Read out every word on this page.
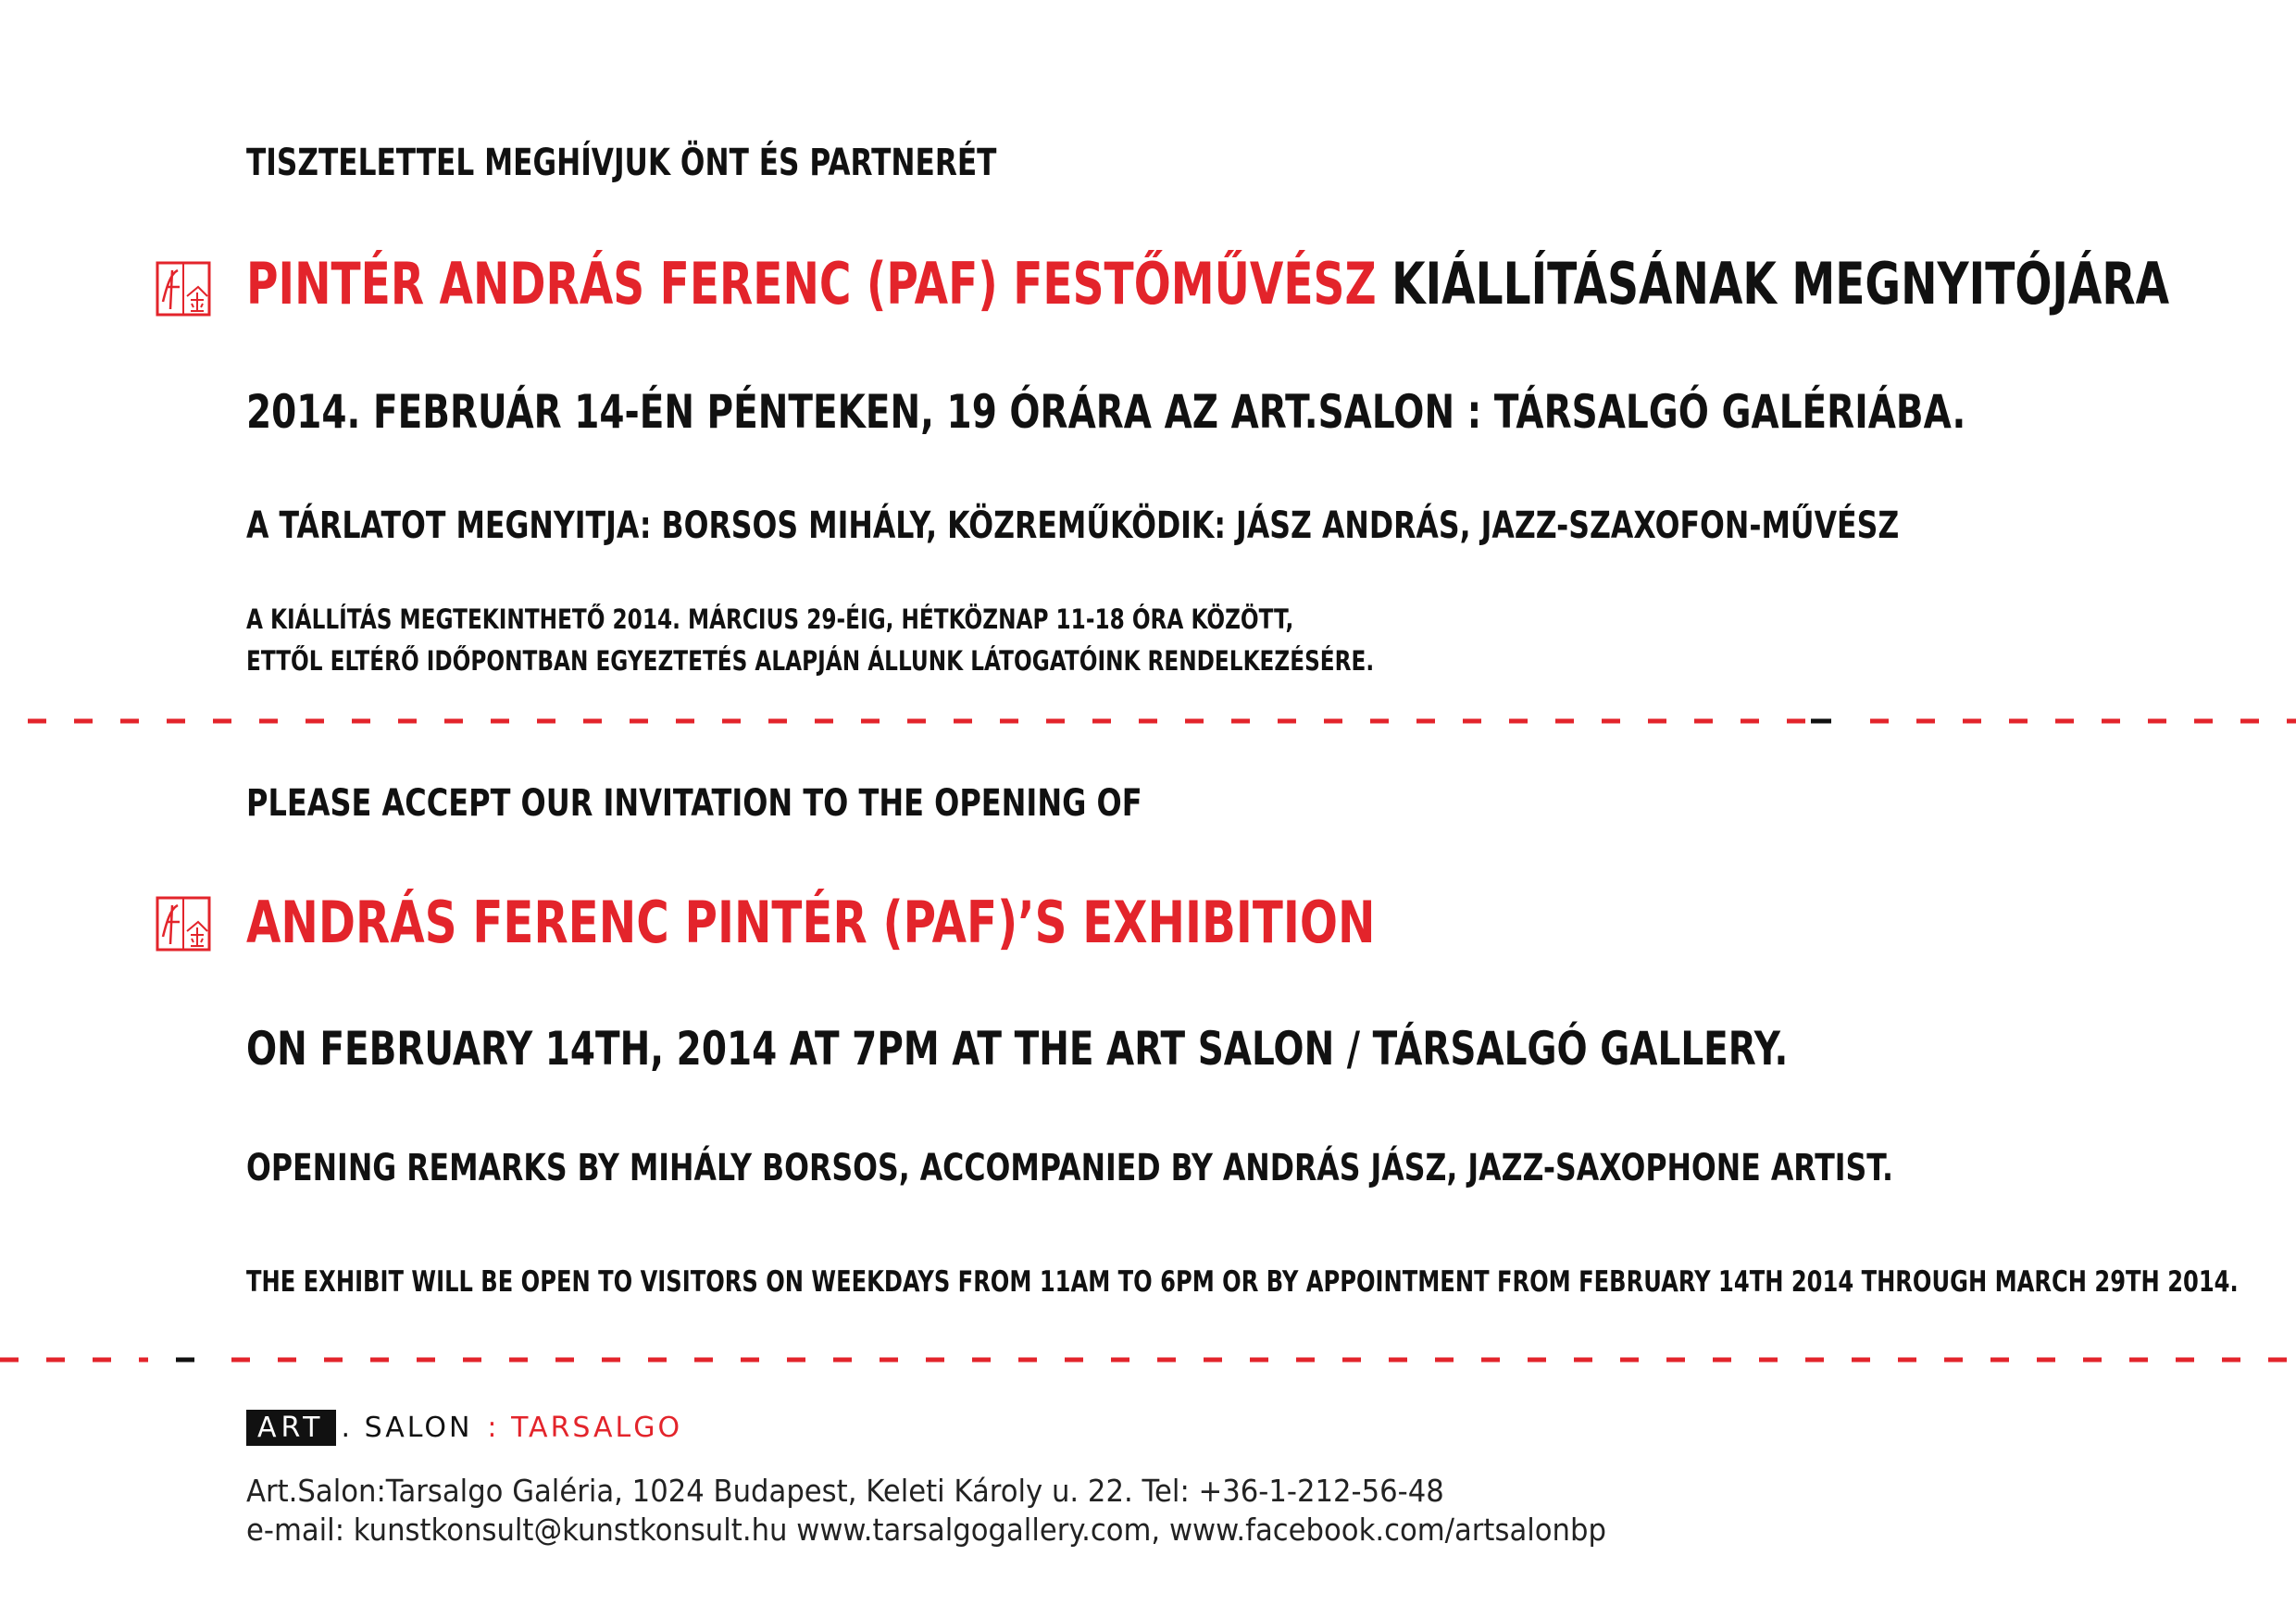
TISZTELETTEL MEGHÍVJUK ÖNT ÉS PARTNERÉT

PINTÉR ANDRÁS FERENC (PAF) FESTŐMŰVÉSZ KIÁLLÍTÁSÁNAK MEGNYITÓJÁRA

2014. FEBRUÁR 14-ÉN PÉNTEKEN, 19 ÓRÁRA AZ ART.SALON : TÁRSALGÓ GALÉRIÁBA.

A TÁRLATOT MEGNYITJA: BORSOS MIHÁLY, KÖZREMŰKÖDIK: JÁSZ ANDRÁS, JAZZ-SZAXOFON-MŰVÉSZ

A KIÁLLÍTÁS MEGTEKINTHETŐ 2014. MÁRCIUS 29-ÉIG, HÉTKÖZNAP 11-18 ÓRA KÖZÖTT,

ETTŐL ELTÉRŐ IDŐPONTBAN EGYEZTETÉS ALAPJÁN ÁLLUNK LÁTOGATÓINK RENDELKEZÉSÉRE.

PLEASE ACCEPT OUR INVITATION TO THE OPENING OF

ANDRÁS FERENC PINTÉR (PAF)’S EXHIBITION

ON FEBRUARY 14TH, 2014 AT 7PM AT THE ART SALON / TÁRSALGÓ GALLERY.

OPENING REMARKS BY MIHÁLY BORSOS, ACCOMPANIED BY ANDRÁS JÁSZ, JAZZ-SAXOPHONE ARTIST.

THE EXHIBIT WILL BE OPEN TO VISITORS ON WEEKDAYS FROM 11AM TO 6PM OR BY APPOINTMENT FROM FEBRUARY 14TH 2014 THROUGH MARCH 29TH 2014.

ART . SALON : TARSALGO

Art.Salon:Tarsalgo Galéria, 1024 Budapest, Keleti Károly u. 22. Tel: +36-1-212-56-48

e-mail: kunstkonsult@kunstkonsult.hu www.tarsalgogallery.com, www.facebook.com/artsalonbp
